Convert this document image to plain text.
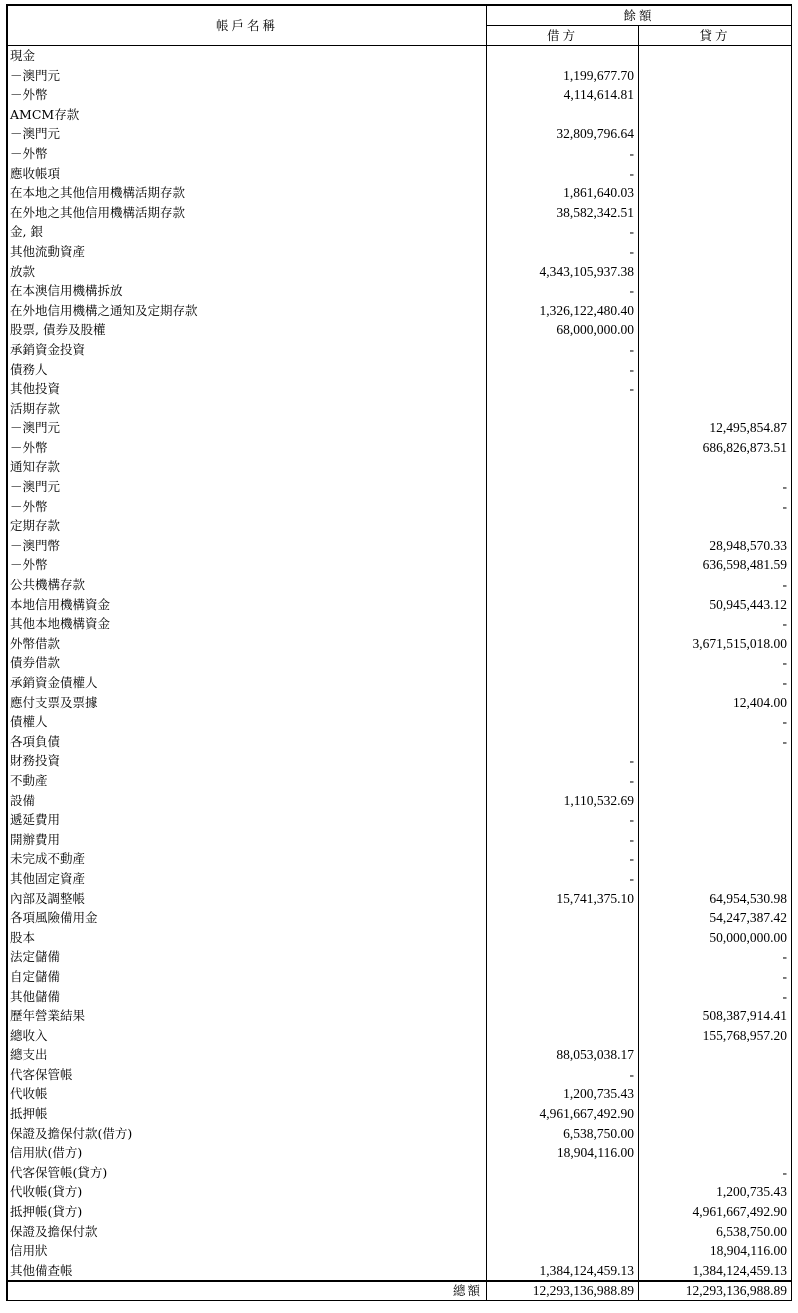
帳戶名稱	餘額	
	借方	貸方
現金		
－澳門元	1,199,677.70	
－外幣	4,114,614.81	
AMCM存款		
－澳門元	32,809,796.64	
－外幣	-	
應收帳項	-	
在本地之其他信用機構活期存款	1,861,640.03	
在外地之其他信用機構活期存款	38,582,342.51	
金, 銀	-	
其他流動資產	-	
放款	4,343,105,937.38	
在本澳信用機構拆放	-	
在外地信用機構之通知及定期存款	1,326,122,480.40	
股票, 債券及股權	68,000,000.00	
承銷資金投資	-	
債務人	-	
其他投資	-	
活期存款		
－澳門元		12,495,854.87
－外幣		686,826,873.51
通知存款		
－澳門元		-
－外幣		-
定期存款		
－澳門幣		28,948,570.33
－外幣		636,598,481.59
公共機構存款		-
本地信用機構資金		50,945,443.12
其他本地機構資金		-
外幣借款		3,671,515,018.00
債券借款		-
承銷資金債權人		-
應付支票及票據		12,404.00
債權人		-
各項負債		-
財務投資	-	
不動產	-	
設備	1,110,532.69	
遞延費用	-	
開辦費用	-	
未完成不動產	-	
其他固定資產	-	
內部及調整帳	15,741,375.10	64,954,530.98
各項風險備用金		54,247,387.42
股本		50,000,000.00
法定儲備		-
自定儲備		-
其他儲備		-
歷年營業結果		508,387,914.41
總收入		155,768,957.20
總支出	88,053,038.17	
代客保管帳	-	
代收帳	1,200,735.43	
抵押帳	4,961,667,492.90	
保證及擔保付款(借方)	6,538,750.00	
信用狀(借方)	18,904,116.00	
代客保管帳(貸方)		-
代收帳(貸方)		1,200,735.43
抵押帳(貸方)		4,961,667,492.90
保證及擔保付款		6,538,750.00
信用狀		18,904,116.00
其他備查帳	1,384,124,459.13	1,384,124,459.13
總額	12,293,136,988.89	12,293,136,988.89
